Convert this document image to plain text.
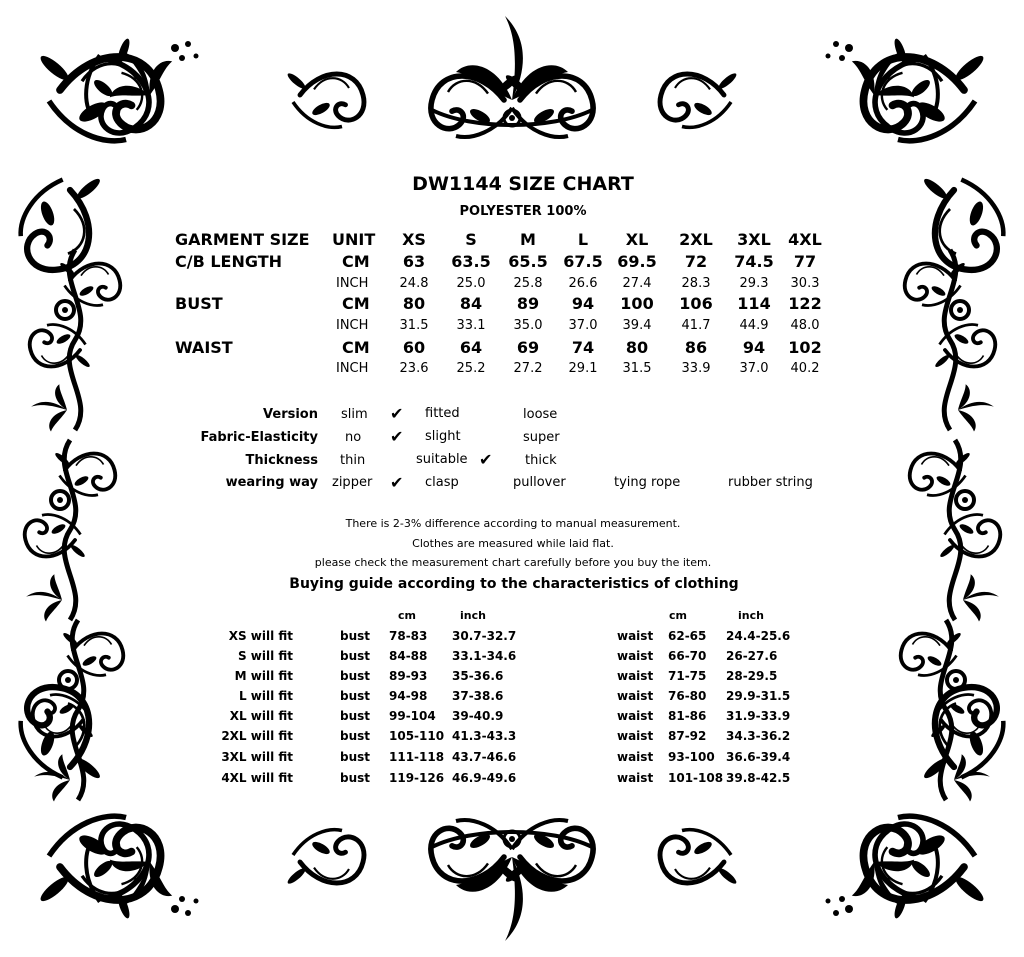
DW1144 SIZE CHART
POLYESTER 100%
GARMENT SIZE UNIT XS S	M	L XL 2XL 3XL 4XL
C/B LENGTH	CM 63 63.5 65.5 67.5 69.5 72 74.5 77
INCH 24.8 25.0 25.8 26.6 27.4 28.3 29.3 30.3
BUST	CM 80 84 89 94 100 106 114 122
INCH 31.5 33.1 35.0 37.0 39.4 41.7 44.9 48.0
WAIST	CM 60 64 69 74 80 86 94 102
INCH 23.6 25.2 27.2 29.1 31.5 33.9 37.0 40.2
Version slim ✔ fitted	loose
Fabric-Elasticity no ✔ slight	super
Thickness thin	suitable ✔	thick
wearing way zipper ✔ clasp	pullover	tying rope	rubber string
There is 2-3% difference according to manual measurement.
Clothes are measured while laid flat.
please check the measurement chart carefully before you buy the item.
Buying guide according to the characteristics of clothing
cm	inch	cm	inch
XS will fit	bust 78-83 30.7-32.7	waist 62-65 24.4-25.6
S will fit	bust 84-88 33.1-34.6	waist 66-70 26-27.6
M will fit	bust 89-93 35-36.6	waist 71-75 28-29.5
L will fit	bust 94-98 37-38.6	waist 76-80 29.9-31.5
XL will fit	bust 99-104 39-40.9	waist 81-86 31.9-33.9
2XL will fit	bust 105-110 41.3-43.3	waist 87-92 34.3-36.2
3XL will fit	bust 111-118 43.7-46.6	waist 93-100 36.6-39.4
4XL will fit	bust 119-126 46.9-49.6	waist 101-108 39.8-42.5
